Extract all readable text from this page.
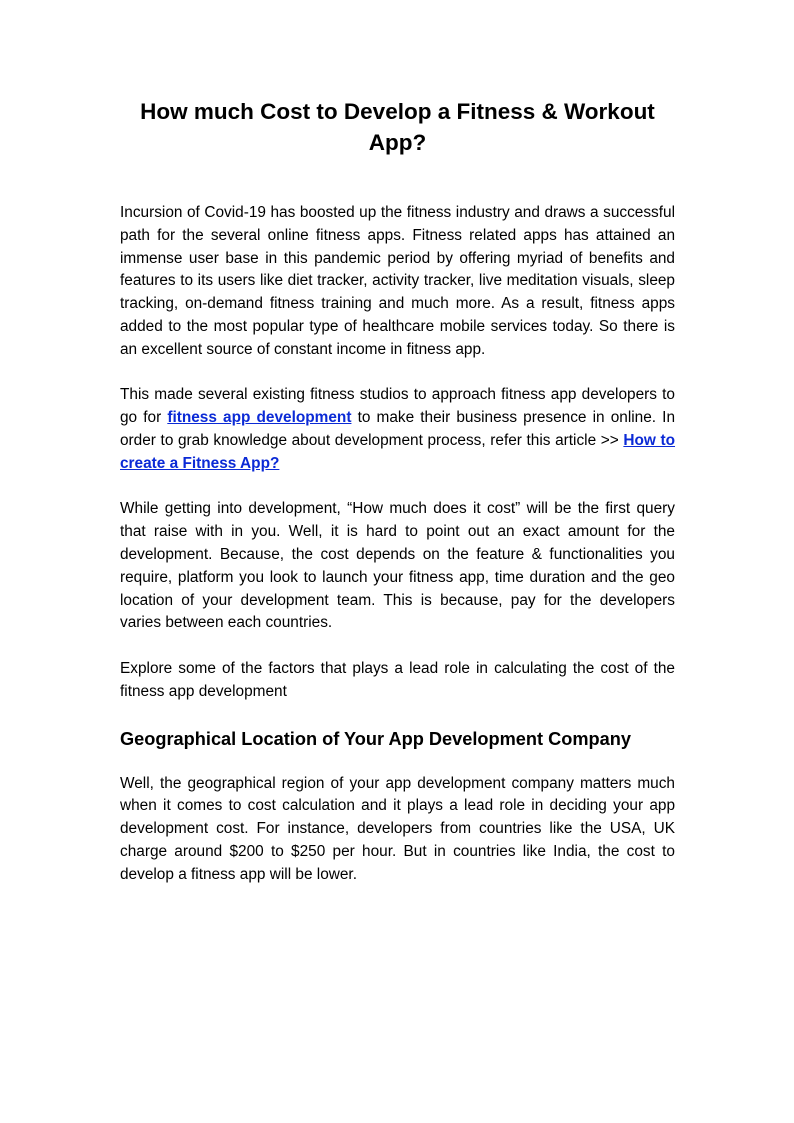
How much Cost to Develop a Fitness & Workout
App?

Incursion of Covid-19 has boosted up the fitness industry and draws a successful path for the several online fitness apps. Fitness related apps has attained an immense user base in this pandemic period by offering myriad of benefits and features to its users like diet tracker, activity tracker, live meditation visuals, sleep tracking, on-demand fitness training and much more. As a result, fitness apps added to the most popular type of healthcare mobile services today. So there is an excellent source of constant income in fitness app.

This made several existing fitness studios to approach fitness app developers to go for fitness app development to make their business presence in online. In order to grab knowledge about development process, refer this article >> How to create a Fitness App?

While getting into development, “How much does it cost” will be the first query that raise with in you. Well, it is hard to point out an exact amount for the development. Because, the cost depends on the feature & functionalities you require, platform you look to launch your fitness app, time duration and the geo location of your development team. This is because, pay for the developers varies between each countries.

Explore some of the factors that plays a lead role in calculating the cost of the fitness app development

Geographical Location of Your App Development Company

Well, the geographical region of your app development company matters much when it comes to cost calculation and it plays a lead role in deciding your app development cost. For instance, developers from countries like the USA, UK charge around $200 to $250 per hour. But in countries like India, the cost to develop a fitness app will be lower.
